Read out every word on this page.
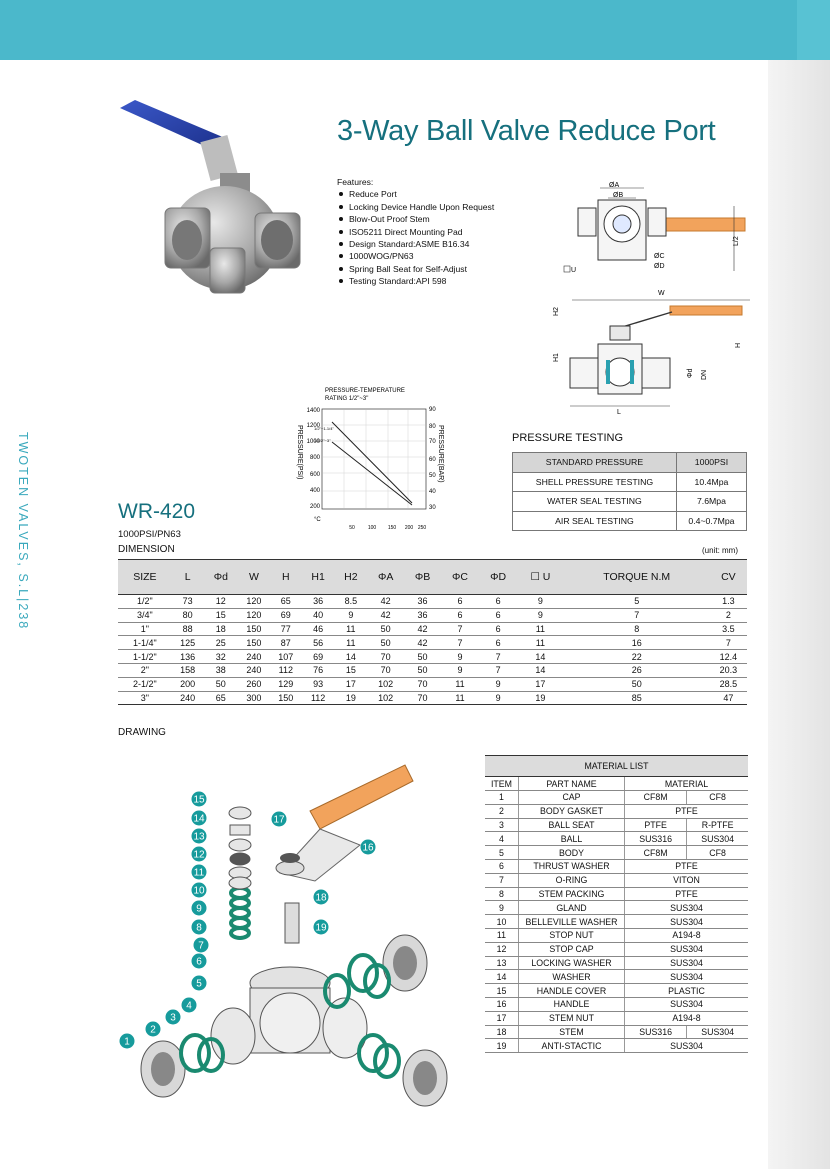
TWOTEN VALVES, S.L|238
3-Way Ball Valve Reduce Port
Features:
Reduce Port
Locking Device Handle Upon Request
Blow-Out Proof Stem
ISO5211 Direct Mounting Pad
Design Standard:ASME B16.34
1000WOG/PN63
Spring Ball Seat for Self-Adjust
Testing Standard:API 598
ØA
ØB
ØC
ØD
L/2
U
W
H2
H1
H
Φd DN
L
PRESSURE-TEMPERATURE
RATING 1/2"~3"
1400
1200
1000
800
600
400
200
90
80
70
60
50
40
30
PRESSURE(PSI)	PRESSURE(BAR)
50	100 150 200 250
°C
1/2"~1-1/4"
1-1/2"~3"	PRESSURE TESTING
STANDARD PRESSURE	1000PSI
SHELL PRESSURE TESTING	10.4Mpa
WATER SEAL TESTING	7.6Mpa
AIR SEAL TESTING	0.4~0.7Mpa
WR-420
1000PSI/PN63
DIMENSION	(unit: mm)
SIZE	L	Φd	W	H	H1	H2	ΦA	ΦB	ΦC	ΦD	☐ U	TORQUE N.M	CV
1/2"	73	12	120	65	36	8.5	42	36	6	6	9	5	1.3
3/4"	80	15	120	69	40	9	42	36	6	6	9	7	2
1"	88	18	150	77	46	11	50	42	7	6	11	8	3.5
1-1/4"	125	25	150	87	56	11	50	42	7	6	11	16	7
1-1/2"	136	32	240	107	69	14	70	50	9	7	14	22	12.4
2"	158	38	240	112	76	15	70	50	9	7	14	26	20.3
2-1/2"	200	50	260	129	93	17	102	70	11	9	17	50	28.5
3"	240	65	300	150	112	19	102	70	11	9	19	85	47
DRAWING
1
2
3
4
5
6
7
8
9
10
11
12
13
14
15
16
17
18
19
MATERIAL LIST			
ITEM	PART NAME	MATERIAL	
1	CAP	CF8M	CF8
2	BODY GASKET	PTFE	
3	BALL SEAT	PTFE	R-PTFE
4	BALL	SUS316	SUS304
5	BODY	CF8M	CF8
6	THRUST WASHER	PTFE	
7	O-RING	VITON	
8	STEM PACKING	PTFE	
9	GLAND	SUS304	
10	BELLEVILLE WASHER	SUS304	
11	STOP NUT	A194-8	
12	STOP CAP	SUS304	
13	LOCKING WASHER	SUS304	
14	WASHER	SUS304	
15	HANDLE COVER	PLASTIC	
16	HANDLE	SUS304	
17	STEM NUT	A194-8	
18	STEM	SUS316	SUS304
19	ANTI-STACTIC	SUS304	
